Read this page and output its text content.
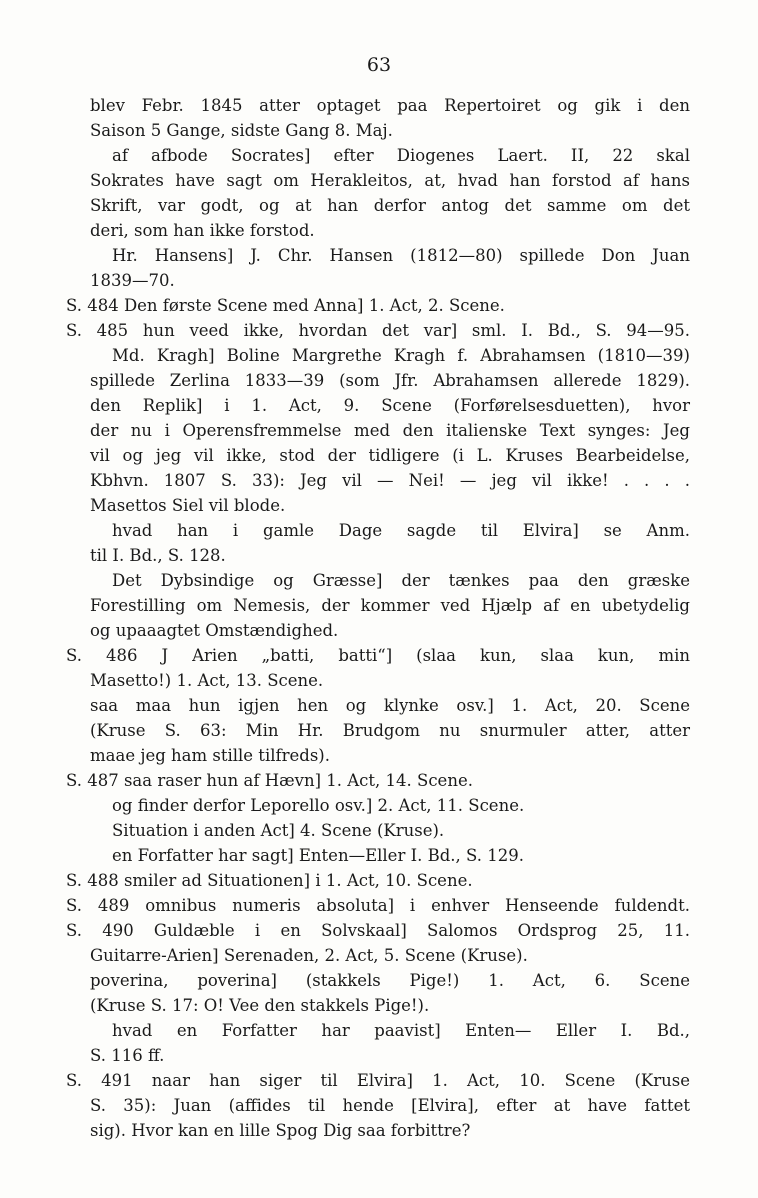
63
blev Febr. 1845 atter optaget paa Repertoiret og gik i den
Saison 5 Gange, sidste Gang 8. Maj.
af afbode Socrates] efter Diogenes Laert. II, 22 skal
Sokrates have sagt om Herakleitos, at, hvad han forstod af hans
Skrift, var godt, og at han derfor antog det samme om det
deri, som han ikke forstod.
Hr. Hansens] J. Chr. Hansen (1812—80) spillede Don Juan
1839—70.
S. 484 Den første Scene med Anna] 1. Act, 2. Scene.
S. 485 hun veed ikke, hvordan det var] sml. I. Bd., S. 94—95.
Md. Kragh] Boline Margrethe Kragh f. Abrahamsen (1810—39)
spillede Zerlina 1833—39 (som Jfr. Abrahamsen allerede 1829).
den Replik] i 1. Act, 9. Scene (Forførelsesduetten), hvor
der nu i Operensfremmelse med den italienske Text synges: Jeg
vil og jeg vil ikke, stod der tidligere (i L. Kruses Bearbeidelse,
Kbhvn. 1807 S. 33): Jeg vil — Nei! — jeg vil ikke! . . . .
Masettos Siel vil blode.
hvad han i gamle Dage sagde til Elvira] se Anm.
til I. Bd., S. 128.
Det Dybsindige og Græsse] der tænkes paa den græske
Forestilling om Nemesis, der kommer ved Hjælp af en ubetydelig
og upaaagtet Omstændighed.
S. 486 J Arien „batti, batti“] (slaa kun, slaa kun, min
Masetto!) 1. Act, 13. Scene.
saa maa hun igjen hen og klynke osv.] 1. Act, 20. Scene
(Kruse S. 63: Min Hr. Brudgom nu snurmuler atter, atter
maae jeg ham stille tilfreds).
S. 487 saa raser hun af Hævn] 1. Act, 14. Scene.
og finder derfor Leporello osv.] 2. Act, 11. Scene.
Situation i anden Act] 4. Scene (Kruse).
en Forfatter har sagt] Enten—Eller I. Bd., S. 129.
S. 488 smiler ad Situationen] i 1. Act, 10. Scene.
S. 489 omnibus numeris absoluta] i enhver Henseende fuldendt.
S. 490 Guldæble i en Solvskaal] Salomos Ordsprog 25, 11.
Guitarre-Arien] Serenaden, 2. Act, 5. Scene (Kruse).
poverina, poverina] (stakkels Pige!) 1. Act, 6. Scene
(Kruse S. 17: O! Vee den stakkels Pige!).
hvad en Forfatter har paavist] Enten— Eller I. Bd.,
S. 116 ff.
S. 491 naar han siger til Elvira] 1. Act, 10. Scene (Kruse
S. 35): Juan (affides til hende [Elvira], efter at have fattet
sig). Hvor kan en lille Spog Dig saa forbittre?
